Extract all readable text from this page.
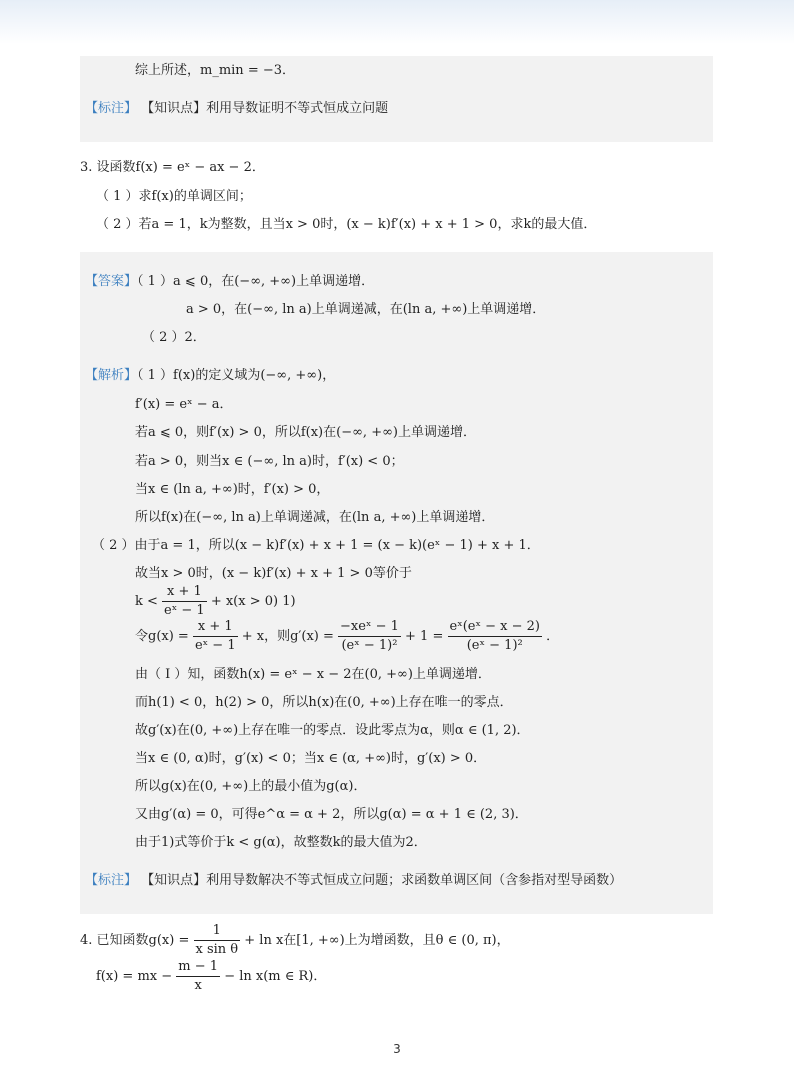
综上所述，m_min = −3．
【标注】 【知识点】利用导数证明不等式恒成立问题
3. 设函数f(x) = eˣ − ax − 2．
（ 1 ）求f(x)的单调区间；
（ 2 ）若a = 1，k为整数，且当x > 0时，(x − k)f′(x) + x + 1 > 0，求k的最大值．
【答案】（ 1 ）a ⩽ 0，在(−∞, +∞)上单调递增．
a > 0，在(−∞, ln a)上单调递减，在(ln a, +∞)上单调递增．
（ 2 ）2．
【解析】（ 1 ）f(x)的定义域为(−∞, +∞)，
f′(x) = eˣ − a．
若a ⩽ 0，则f′(x) > 0，所以f(x)在(−∞, +∞)上单调递增．
若a > 0，则当x ∈ (−∞, ln a)时，f′(x) < 0；
当x ∈ (ln a, +∞)时，f′(x) > 0，
所以f(x)在(−∞, ln a)上单调递减，在(ln a, +∞)上单调递增．
（ 2 ）由于a = 1，所以(x − k)f′(x) + x + 1 = (x − k)(eˣ − 1) + x + 1．
故当x > 0时，(x − k)f′(x) + x + 1 > 0等价于
$k < \frac{x + 1}{\text{eˣ − 1}} + x(x > 0)$ 1)
令$g(x) = \frac{x + 1}{\text{eˣ − 1}} + x$，则$g'(x) = \frac{\text{−xeˣ − 1}}{\text{(eˣ − 1)²}} + 1 = \frac{\text{eˣ(eˣ − x − 2)}}{\text{(eˣ − 1)²}}$ ．
由（ Ⅰ ）知，函数h(x) = eˣ − x − 2在(0, +∞)上单调递增．
而h(1) < 0，h(2) > 0，所以h(x)在(0, +∞)上存在唯一的零点．
故g′(x)在(0, +∞)上存在唯一的零点．设此零点为α，则α ∈ (1, 2)．
当x ∈ (0, α)时，g′(x) < 0；当x ∈ (α, +∞)时，g′(x) > 0．
所以g(x)在(0, +∞)上的最小值为g(α)．
又由g′(α) = 0，可得e^α = α + 2，所以g(α) = α + 1 ∈ (2, 3)．
由于1)式等价于k < g(α)，故整数k的最大值为2．
【标注】 【知识点】利用导数解决不等式恒成立问题；求函数单调区间（含参指对型导函数）
4. 已知函数$g(x) = \frac{1}{\text{x sin θ}} + \ln x$在[1, +∞)上为增函数，且θ ∈ (0, π)，
f(x) = mx − $\frac{m - 1}{x} - \ln x(m$ ∈ R)．
3
